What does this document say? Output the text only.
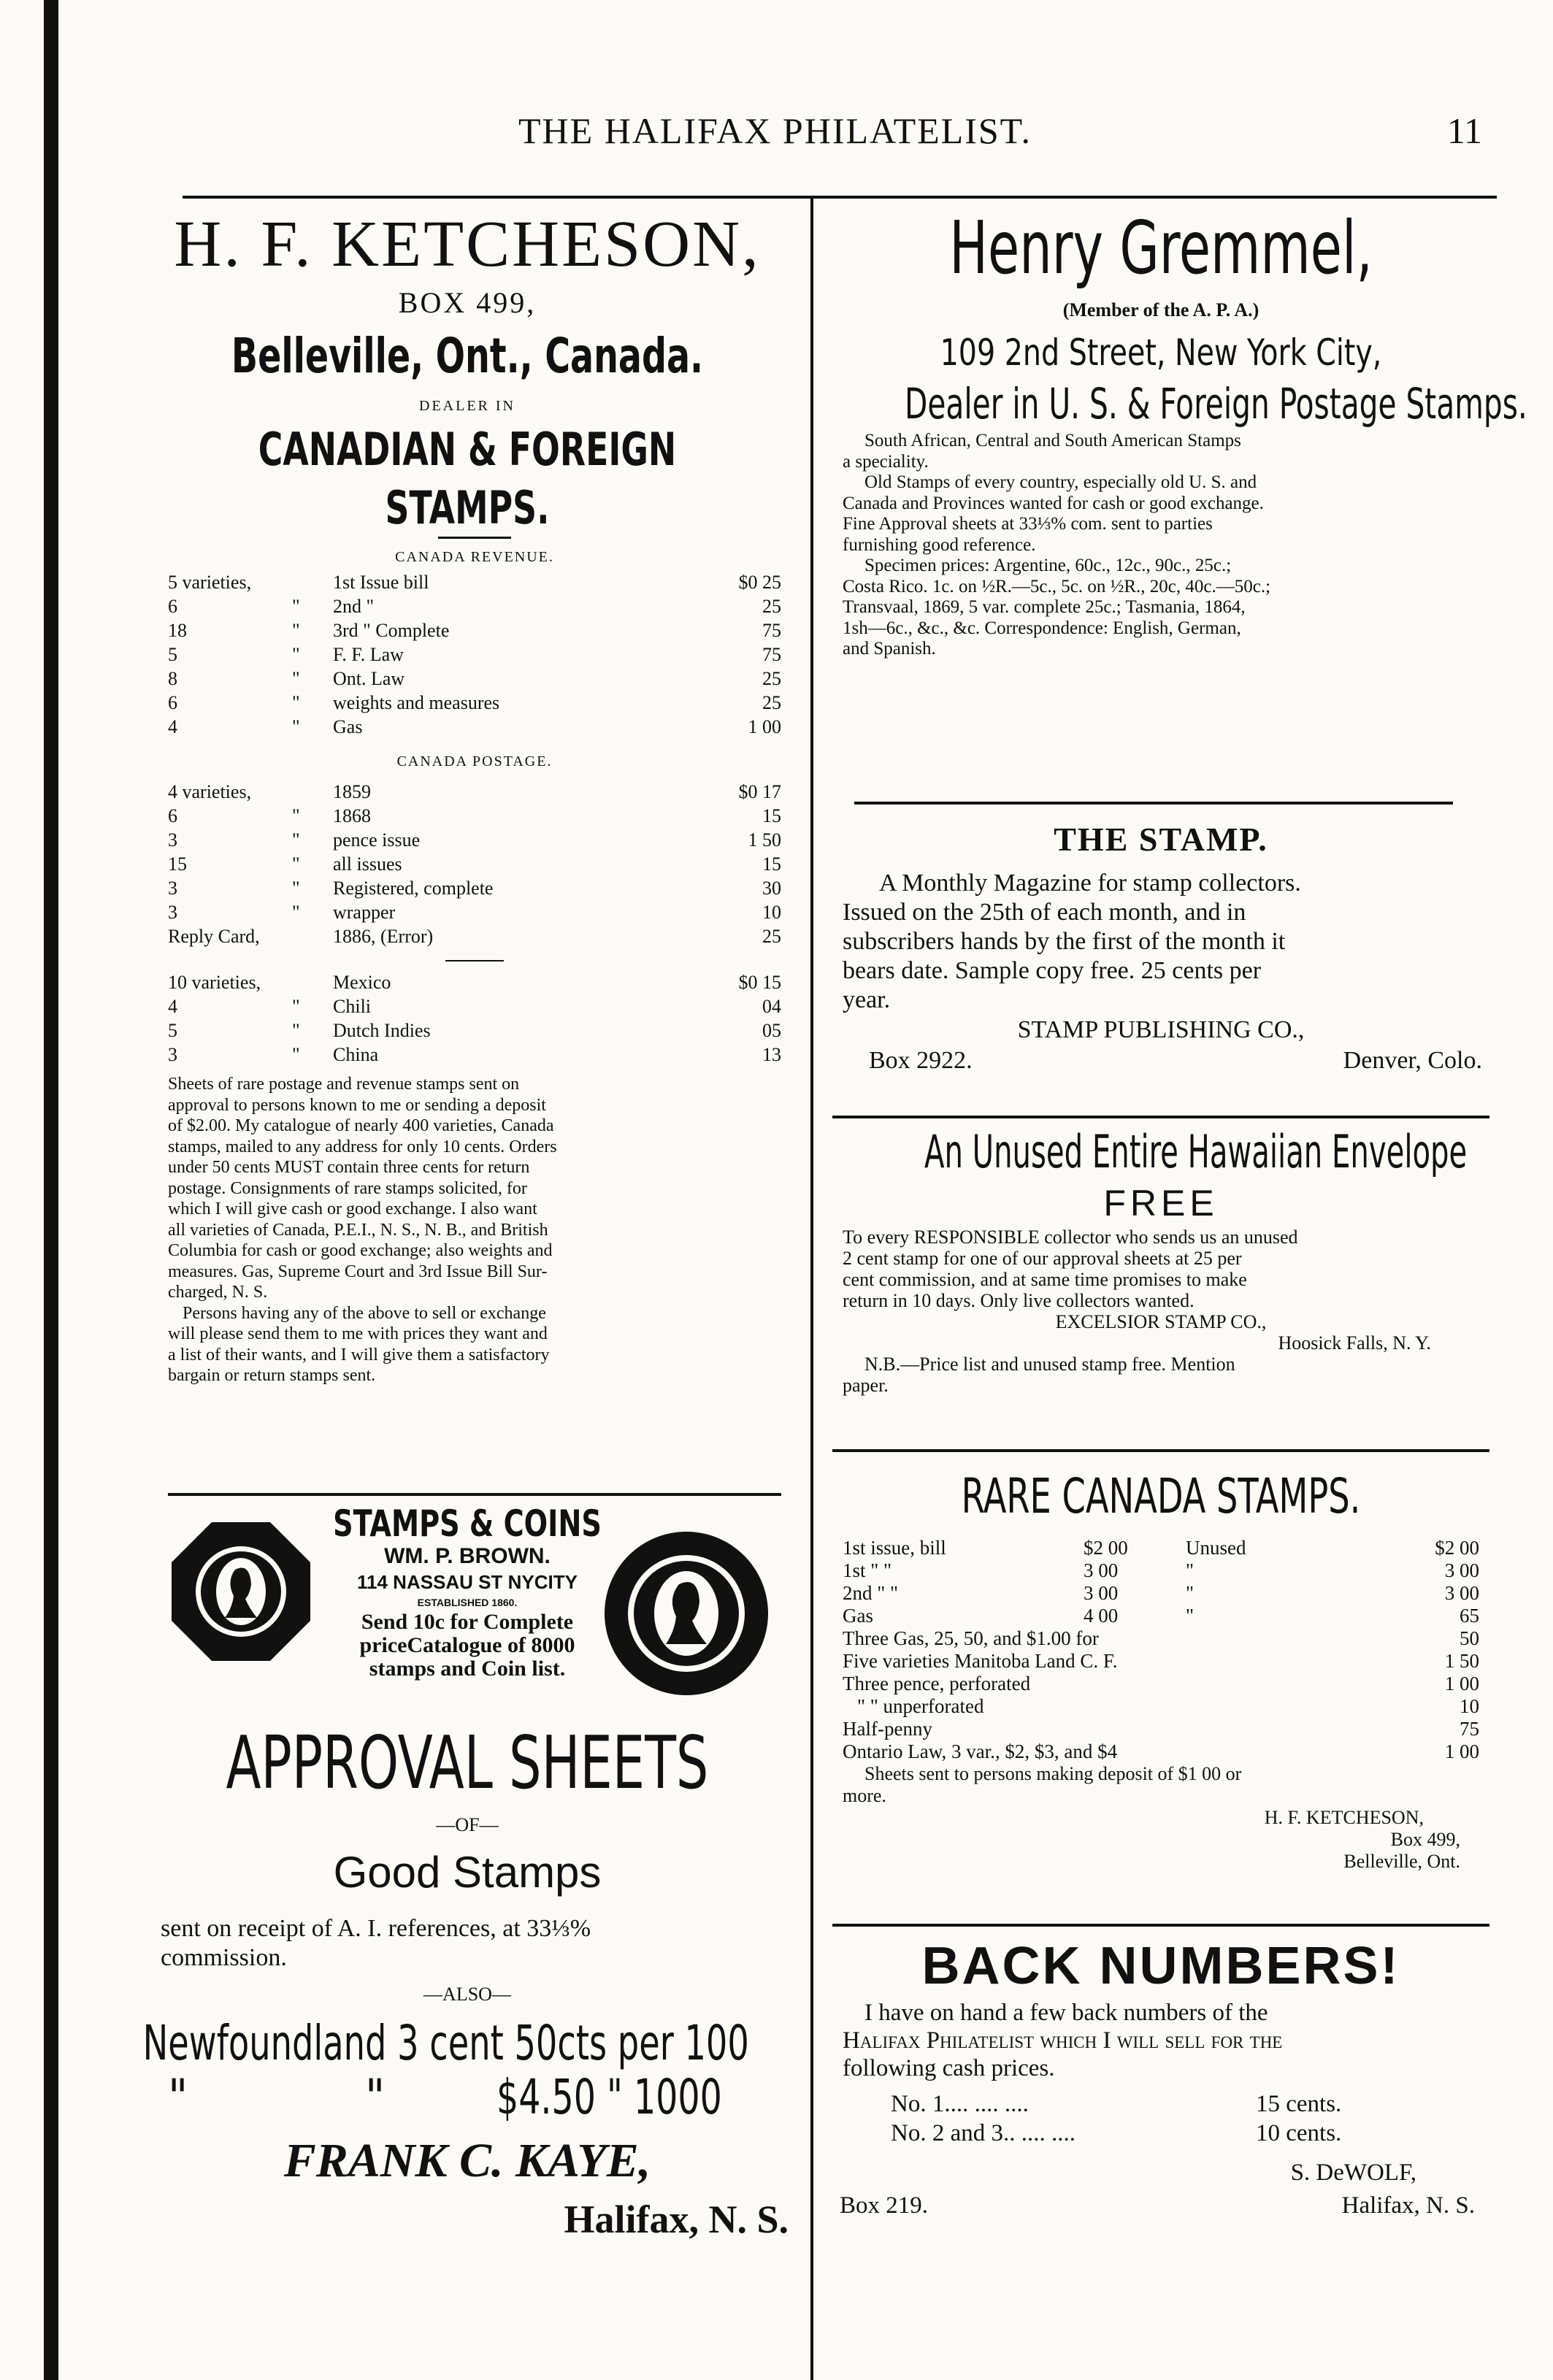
THE HALIFAX PHILATELIST.	11
H. F. KETCHESON,
BOX 499,
Belleville, Ont., Canada.
DEALER IN
CANADIAN & FOREIGN STAMPS.
CANADA REVENUE.
5 varieties,	1st Issue bill	$0 25
6	"	2nd "	25
18	"	3rd " Complete	75
5	"	F. F. Law	75
8	"	Ont. Law	25
6	"	weights and measures	25
4	"	Gas	1 00
CANADA POSTAGE.
4 varieties,	1859	$0 17
6	"	1868	15
3	"	pence issue	1 50
15	"	all issues	15
3	"	Registered, complete	30
3	"	wrapper	10
Reply Card,	1886, (Error)	25
10 varieties,	Mexico	$0 15
4	"	Chili	04
5	"	Dutch Indies	05
3	"	China	13
Sheets of rare postage and revenue stamps sent on
approval to persons known to me or sending a deposit
of $2.00. My catalogue of nearly 400 varieties, Canada
stamps, mailed to any address for only 10 cents. Orders
under 50 cents MUST contain three cents for return
postage. Consignments of rare stamps solicited, for
which I will give cash or good exchange. I also want
all varieties of Canada, P.E.I., N. S., N. B., and British
Columbia for cash or good exchange; also weights and
measures. Gas, Supreme Court and 3rd Issue Bill Sur-
charged, N. S.
Persons having any of the above to sell or exchange
will please send them to me with prices they want and
a list of their wants, and I will give them a satisfactory
bargain or return stamps sent.
STAMPS & COINS
WM. P. BROWN.
114 NASSAU ST NYCITY
ESTABLISHED 1860.
Send 10c for Complete
priceCatalogue of 8000
stamps and Coin list.
APPROVAL SHEETS
—OF—
Good Stamps
sent on receipt of A. I. references, at 33⅓%
commission.
—ALSO—
Newfoundland 3 cent 50cts per 100
"	" $4.50 " 1000
FRANK C. KAYE,
Halifax, N. S.
Henry Gremmel,
(Member of the A. P. A.)
109 2nd Street, New York City,
Dealer in U. S. & Foreign Postage Stamps.
South African, Central and South American Stamps
a speciality.
Old Stamps of every country, especially old U. S. and
Canada and Provinces wanted for cash or good exchange.
Fine Approval sheets at 33⅓% com. sent to parties
furnishing good reference.
Specimen prices: Argentine, 60c., 12c., 90c., 25c.;
Costa Rico. 1c. on ½R.—5c., 5c. on ½R., 20c, 40c.—50c.;
Transvaal, 1869, 5 var. complete 25c.; Tasmania, 1864,
1sh—6c., &c., &c. Correspondence: English, German,
and Spanish.
THE STAMP.
A Monthly Magazine for stamp collectors.
Issued on the 25th of each month, and in
subscribers hands by the first of the month it
bears date. Sample copy free. 25 cents per
year.
STAMP PUBLISHING CO.,
Box 2922.	Denver, Colo.
An Unused Entire Hawaiian Envelope
FREE
To every RESPONSIBLE collector who sends us an unused
2 cent stamp for one of our approval sheets at 25 per
cent commission, and at same time promises to make
return in 10 days. Only live collectors wanted.
EXCELSIOR STAMP CO.,
Hoosick Falls, N. Y.
N.B.—Price list and unused stamp free. Mention
paper.
RARE CANADA STAMPS.
1st issue, bill	$2 00	Unused	$2 00
1st " "	3 00	"	3 00
2nd " "	3 00	"	3 00
Gas	4 00	"	65
Three Gas, 25, 50, and $1.00 for	50
Five varieties Manitoba Land C. F.	1 50
Three pence, perforated	1 00
" " unperforated	10
Half-penny	75
Ontario Law, 3 var., $2, $3, and $4	1 00
Sheets sent to persons making deposit of $1 00 or
more.
H. F. KETCHESON,
Box 499,
Belleville, Ont.
BACK NUMBERS!
I have on hand a few back numbers of the
Halifax Philatelist which I will sell for the
following cash prices.
No. 1.... .... ....	15 cents.
No. 2 and 3.. .... ....	10 cents.
S. DeWOLF,
Box 219.	Halifax, N. S.
